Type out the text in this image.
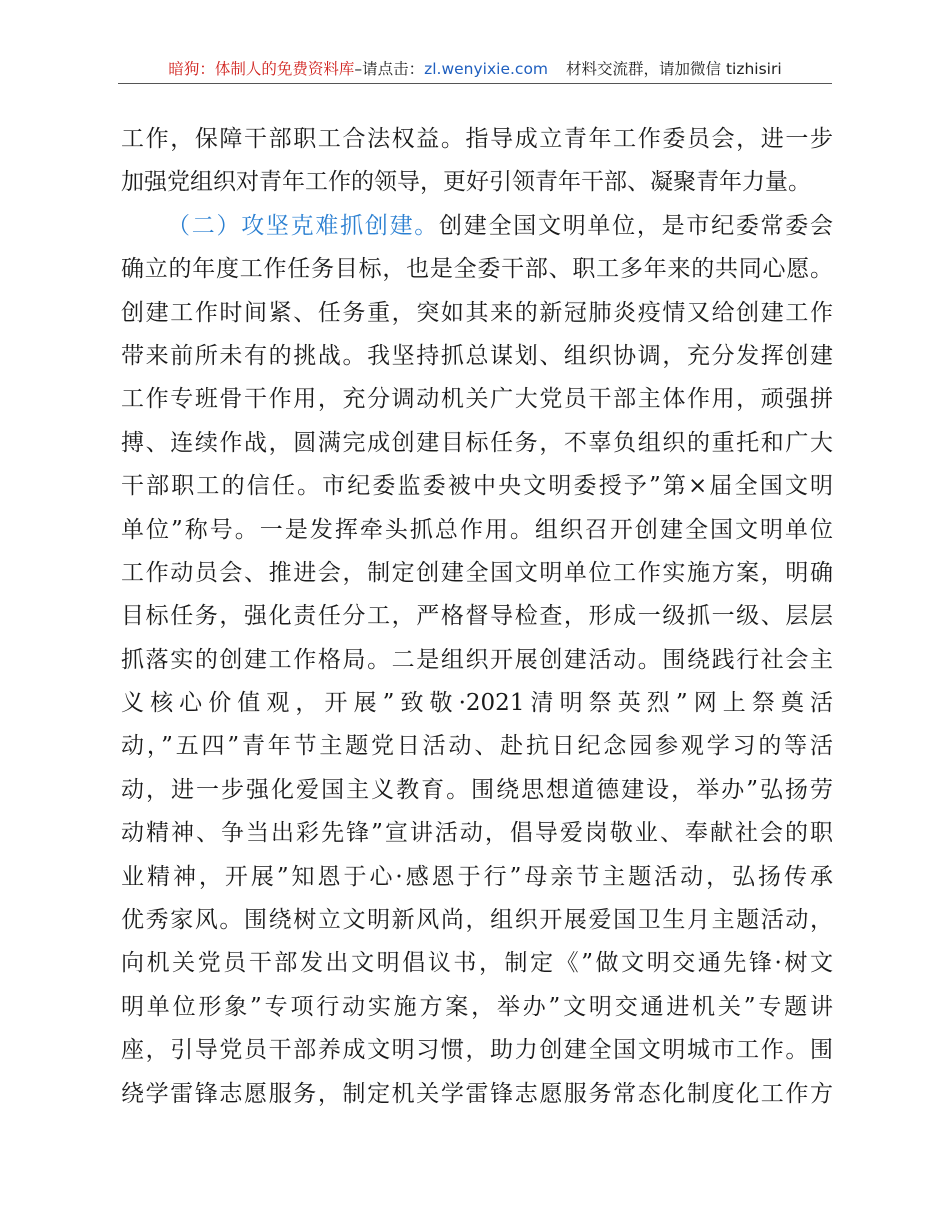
暗狗：体制人的免费资料库–请点击：zl.wenyixie.com 材料交流群，请加微信 tizhisiri
工作，保障干部职工合法权益。指导成立青年工作委员会，进一步
加强党组织对青年工作的领导，更好引领青年干部、凝聚青年力量。
（二）攻坚克难抓创建。创建全国文明单位，是市纪委常委会
确立的年度工作任务目标，也是全委干部、职工多年来的共同心愿。
创建工作时间紧、任务重，突如其来的新冠肺炎疫情又给创建工作
带来前所未有的挑战。我坚持抓总谋划、组织协调，充分发挥创建
工作专班骨干作用，充分调动机关广大党员干部主体作用，顽强拼
搏、连续作战，圆满完成创建目标任务，不辜负组织的重托和广大
干部职工的信任。市纪委监委被中央文明委授予”第×届全国文明
单位”称号。一是发挥牵头抓总作用。组织召开创建全国文明单位
工作动员会、推进会，制定创建全国文明单位工作实施方案，明确
目标任务，强化责任分工，严格督导检查，形成一级抓一级、层层
抓落实的创建工作格局。二是组织开展创建活动。围绕践行社会主
义核心价值观，开展”致敬·2021清明祭英烈”网上祭奠活
动，”五四”青年节主题党日活动、赴抗日纪念园参观学习的等活
动，进一步强化爱国主义教育。围绕思想道德建设，举办”弘扬劳
动精神、争当出彩先锋”宣讲活动，倡导爱岗敬业、奉献社会的职
业精神，开展”知恩于心·感恩于行”母亲节主题活动，弘扬传承
优秀家风。围绕树立文明新风尚，组织开展爱国卫生月主题活动，
向机关党员干部发出文明倡议书，制定《”做文明交通先锋·树文
明单位形象”专项行动实施方案，举办”文明交通进机关”专题讲
座，引导党员干部养成文明习惯，助力创建全国文明城市工作。围
绕学雷锋志愿服务，制定机关学雷锋志愿服务常态化制度化工作方
